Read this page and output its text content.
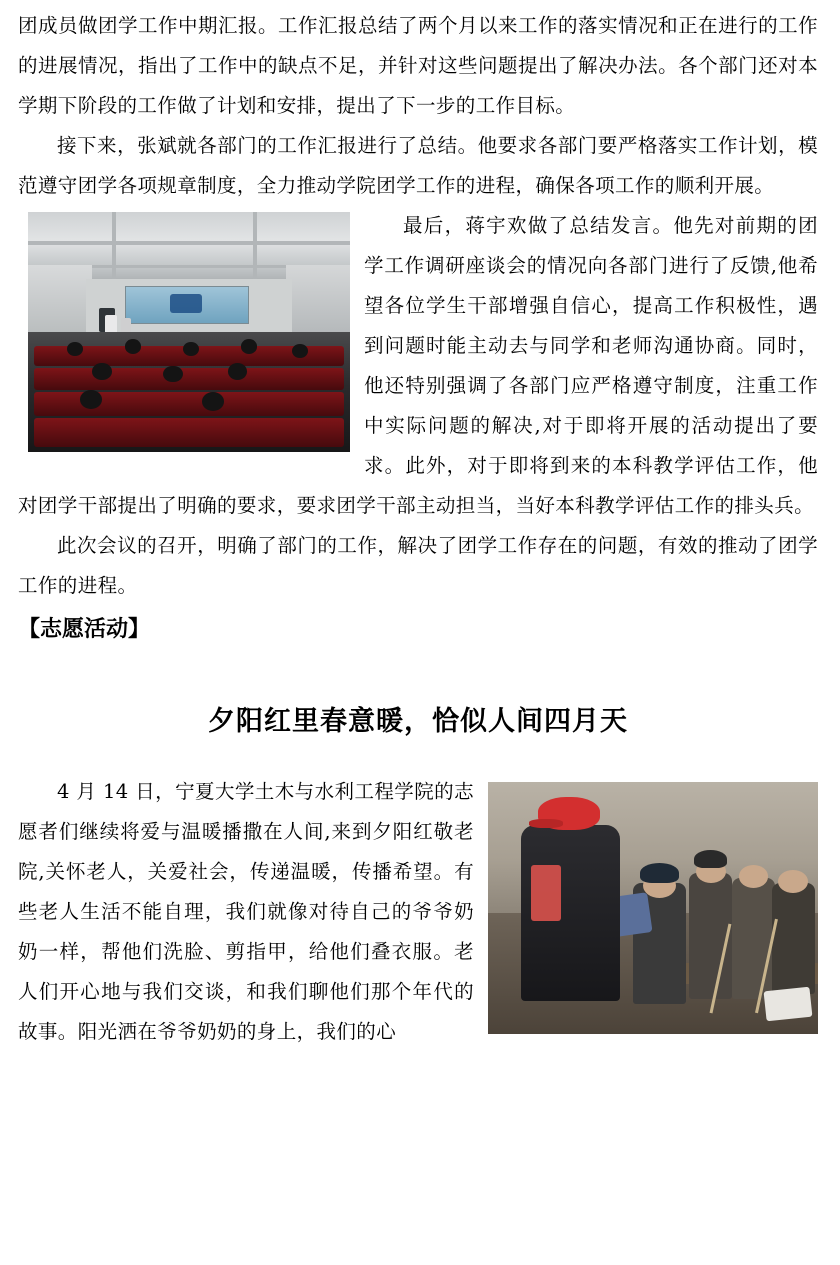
团成员做团学工作中期汇报。工作汇报总结了两个月以来工作的落实情况和正在进行的工作的进展情况，指出了工作中的缺点不足，并针对这些问题提出了解决办法。各个部门还对本学期下阶段的工作做了计划和安排，提出了下一步的工作目标。

接下来，张斌就各部门的工作汇报进行了总结。他要求各部门要严格落实工作计划，模范遵守团学各项规章制度，全力推动学院团学工作的进程，确保各项工作的顺利开展。

最后，蒋宇欢做了总结发言。他先对前期的团学工作调研座谈会的情况向各部门进行了反馈,他希望各位学生干部增强自信心，提高工作积极性，遇到问题时能主动去与同学和老师沟通协商。同时，他还特别强调了各部门应严格遵守制度，注重工作中实际问题的解决,对于即将开展的活动提出了要求。此外，对于即将到来的本科教学评估工作，他对团学干部提出了明确的要求，要求团学干部主动担当，当好本科教学评估工作的排头兵。

此次会议的召开，明确了部门的工作，解决了团学工作存在的问题，有效的推动了团学工作的进程。

【志愿活动】
夕阳红里春意暖，恰似人间四月天

4 月 14 日，宁夏大学土木与水利工程学院的志愿者们继续将爱与温暖播撒在人间,来到夕阳红敬老院,关怀老人，关爱社会，传递温暖，传播希望。有些老人生活不能自理，我们就像对待自己的爷爷奶奶一样，帮他们洗脸、剪指甲，给他们叠衣服。老人们开心地与我们交谈，和我们聊他们那个年代的故事。阳光洒在爷爷奶奶的身上，我们的心
